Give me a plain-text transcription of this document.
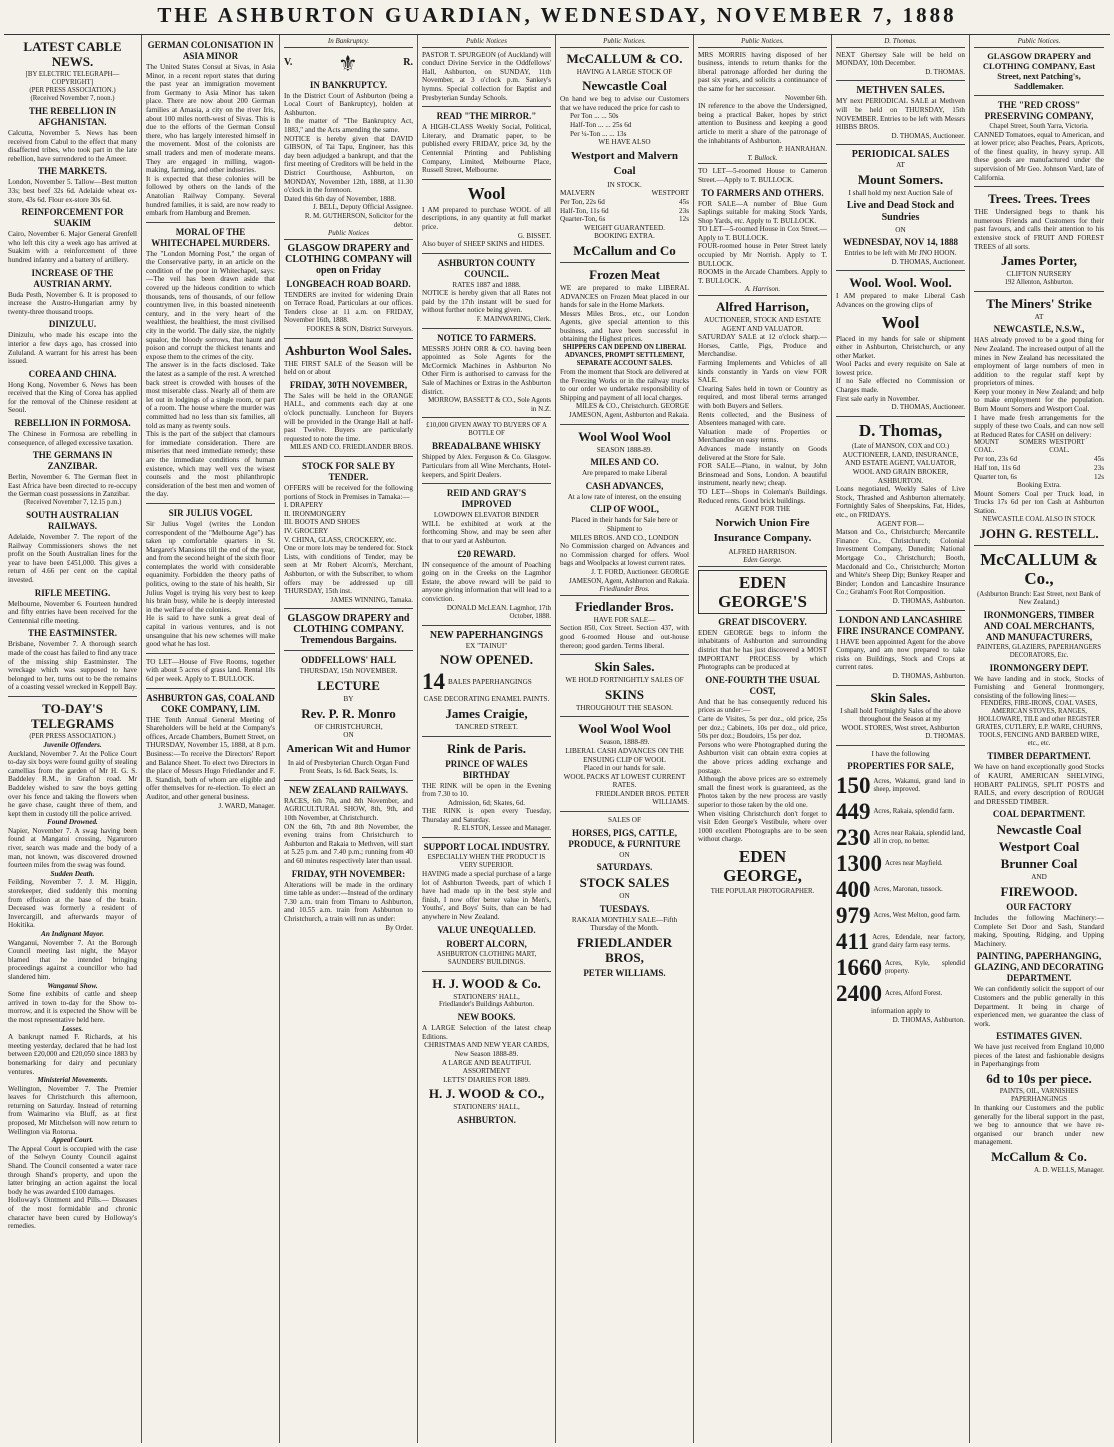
THE ASHBURTON GUARDIAN, WEDNESDAY, NOVEMBER 7, 1888
LATEST CABLE NEWS.
[BY ELECTRIC TELEGRAPH—COPYRIGHT]
(PER PRESS ASSOCIATION.)
(Received November 7, noon.)
THE REBELLION IN AFGHANISTAN.
Calcutta, November 5. News has been received from Cabul to the effect that many disaffected tribes, who took part in the late rebellion, have surrendered to the Ameer.
THE MARKETS.
London, November 5. Tallow—Best mutton 33s; best beef 32s 6d. Adelaide wheat ex-store, 43s 6d. Flour ex-store 30s 6d.
REINFORCEMENT FOR SUAKIM
Cairo, November 6. Major General Grenfell who left this city a week ago has arrived at Suakim with a reinforcement of three hundred infantry and a battery of artillery.
INCREASE OF THE AUSTRIAN ARMY.
Buda Pesth, November 6. It is proposed to increase the Austro-Hungarian army by twenty-three thousand troops.
DINIZULU.
Dinizulu, who made his escape into the interior a few days ago, has crossed into Zululand. A warrant for his arrest has been issued.
COREA AND CHINA.
Hong Kong, November 6. News has been received that the King of Corea has applied for the removal of the Chinese resident at Seoul.
REBELLION IN FORMOSA.
The Chinese in Formosa are rebelling in consequence, of alleged excessive taxation.
THE GERMANS IN ZANZIBAR.
Berlin, November 6. The German fleet in East Africa have been directed to re-occupy the German coast possessions in Zanzibar.
(Received November 7, 12.15 p.m.)
SOUTH AUSTRALIAN RAILWAYS.
Adelaide, November 7. The report of the Railway Commissioners shows the net profit on the South Australian lines for the year to have been £451,000. This gives a return of 4.66 per cent on the capital invested.
RIFLE MEETING.
Melbourne, November 6. Fourteen hundred and fifty entries have been received for the Centennial rifle meeting.
THE EASTMINSTER.
Brisbane, November 7. A thorough search made of the coast has failed to find any trace of the missing ship Eastminster. The wreckage which was supposed to have belonged to her, turns out to be the remains of a coasting vessel wrecked in Keppell Bay.
TO-DAY'S TELEGRAMS
(PER PRESS ASSOCIATION.)
Juvenile Offenders.
Auckland, November 7. At the Police Court to-day six boys were found guilty of stealing camellias from the garden of Mr H. G. S. Baddeley R.M., in Grafton road. Mr Baddeley wished to saw the boys getting over his fence and taking the flowers when he gave chase, caught three of them, and kept them in custody till the police arrived.
Found Drowned.
Napier, November 7. A swag having been found at Mangatoi crossing, Ngaruroro river, search was made and the body of a man, not known, was discovered drowned fourteen miles from the swag was found.
Sudden Death.
Feilding, November 7. J. M. Higgin, storekeeper, died suddenly this morning from effusion at the base of the brain. Deceased was formerly a resident of Invercargill, and afterwards mayor of Hokitika.
An Indignant Mayor.
Wanganui, November 7. At the Borough Council meeting last night, the Mayor blamed that he intended bringing proceedings against a councillor who had slandered him.
Wanganui Show.
Some fine exhibits of cattle and sheep arrived in town to-day for the Show to-morrow, and it is expected the Show will be the most representative held here.
Losses.
A bankrupt named F. Richards, at his meeting yesterday, declared that he had lost between £20,000 and £20,050 since 1883 by bonemarking for dairy and pecuniary ventures.
Ministerial Movements.
Wellington, November 7. The Premier leaves for Christchurch this afternoon, returning on Saturday. Instead of returning from Waimarino via Bluff, as at first proposed, Mr Mitchelson will now return to Wellington via Rotorua.
Appeal Court.
The Appeal Court is occupied with the case of the Selwyn County Council against Shand. The Council consented a water race through Shand's property, and upon the latter bringing an action against the local body he was awarded £100 damages.
Holloway's Ointment and Pills.— Diseases of the most formidable and chronic character have been cured by Holloway's remedies.
GERMAN COLONISATION IN ASIA MINOR
The United States Consul at Sivas, in Asia Minor, in a recent report states that during the past year an immigration movement from Germany to Asia Minor has taken place. There are now about 200 German families at Amasia, a city on the river Iris, about 100 miles north-west of Sivas. This is due to the efforts of the German Consul there, who has largely interested himself in the movement. Most of the colonists are small traders and men of moderate means. They are engaged in milling, wagon-making, farming, and other industries.
It is expected that these colonies will be followed by others on the lands of the Anatolian Railway Company. Several hundred families, it is said, are now ready to embark from Hamburg and Bremen.
MORAL OF THE WHITECHAPEL MURDERS.
The "London Morning Post," the organ of the Conservative party, in an article on the condition of the poor in Whitechapel, says:—The veil has been drawn aside that covered up the hideous condition to which thousands, tens of thousands, of our fellow countrymen live, in this boasted nineteenth century, and in the very heart of the wealthiest, the healthiest, the most civilised city in the world. The daily size, the nightly squalor, the bloody sorrows, that haunt and poison and corrupt the thickest tenants and expose them to the crimes of the city.
The answer is in the facts disclosed. Take the latest as a sample of the rest. A wretched back street is crowded with houses of the most miserable class. Nearly all of them are let out in lodgings of a single room, or part of a room. The house where the murder was committed had no less than six families, all told as many as twenty souls.
This is the part of the subject that clamours for immediate consideration. There are miseries that need immediate remedy; these are the immediate conditions of human existence, which may well vex the wisest counsels and the most philanthropic consideration of the best men and women of the day.
SIR JULIUS VOGEL
Sir Julius Vogel (writes the London correspondent of the "Melbourne Age") has taken up comfortable quarters in St. Margaret's Mansions till the end of the year, and from the second height of the sixth floor contemplates the world with considerable equanimity. Forbidden the theory paths of politics, owing to the state of his health, Sir Julius Vogel is trying his very best to keep his brain busy, while he is deeply interested in the welfare of the colonies.
He is said to have sunk a great deal of capital in various ventures, and is not unsanguine that his new schemes will make good what he has lost.
TO LET—House of Five Rooms, together with about 5 acres of grass land. Rental 10s 6d per week. Apply to T. BULLOCK.
ASHBURTON GAS, COAL AND COKE COMPANY, LIM.
THE Tenth Annual General Meeting of Shareholders will be held at the Company's offices, Arcade Chambers, Burnett Street, on THURSDAY, November 15, 1888, at 8 p.m. Business:—To receive the Directors' Report and Balance Sheet. To elect two Directors in the place of Messrs Hugo Friedlander and F. B. Standish, both of whom are eligible and offer themselves for re-election. To elect an Auditor, and other general business.
J. WARD, Manager.
In Bankruptcy.
V. ⚜	R.
IN BANKRUPTCY.
In the District Court of Ashburton (being a Local Court of Bankruptcy), holden at Ashburton.
In the matter of "The Bankruptcy Act, 1883," and the Acts amending the same.
NOTICE is hereby given that DAVID GIBSON, of Tai Tapu, Engineer, has this day been adjudged a bankrupt, and that the first meeting of Creditors will be held in the District Courthouse, Ashburton, on MONDAY, November 12th, 1888, at 11.30 o'clock in the forenoon.
Dated this 6th day of November, 1888.
J. BELL, Deputy Official Assignee.
R. M. GUTHERSON, Solicitor for the debtor.
Public Notices
GLASGOW DRAPERY and CLOTHING COMPANY will open on Friday
LONGBEACH ROAD BOARD.
TENDERS are invited for widening Drain on Terrace Road, Particulars at our offices. Tenders close at 11 a.m. on FRIDAY, November 16th, 1888.
FOOKES & SON, District Surveyors.
Ashburton Wool Sales.
THE FIRST SALE of the Season will be held on or about
FRIDAY, 30TH NOVEMBER,
The Sales will be held in the ORANGE HALL, and comments each day at one o'clock punctually. Luncheon for Buyers will be provided in the Orange Hall at half-past Twelve. Buyers are particularly requested to note the time.
MILES AND CO. FRIEDLANDER BROS.
STOCK FOR SALE BY TENDER.
OFFERS will be received for the following portions of Stock in Premises in Tamaka:—
I. DRAPERY
II. IRONMONGERY
III. BOOTS AND SHOES
IV. GROCERY
V. CHINA, GLASS, CROCKERY, etc.
One or more lots may be tendered for. Stock Lists, with conditions of Tender, may be seen at Mr Robert Alcorn's, Merchant, Ashburton, or with the Subscriber, to whom offers may be addressed up till THURSDAY, 15th inst.
JAMES WINNING, Tamaka.
GLASGOW DRAPERY and CLOTHING COMPANY. Tremendous Bargains.
ODDFELLOWS' HALL
THURSDAY, 15th NOVEMBER.
LECTURE
BY
Rev. P. R. Monro
OF CHRISTCHURCH,
ON
American Wit and Humor
In aid of Presbyterian Church Organ Fund
Front Seats, 1s 6d. Back Seats, 1s.
NEW ZEALAND RAILWAYS.
RACES, 6th 7th, and 8th November, and AGRICULTURAL SHOW, 8th, 9th, and 10th November, at Christchurch.
ON the 6th, 7th and 8th November, the evening trains from Christchurch to Ashburton and Rakaia to Methven, will start at 5.25 p.m. and 7.40 p.m.; running from 40 and 60 minutes respectively later than usual.
FRIDAY, 9TH NOVEMBER:
Alterations will be made in the ordinary time table as under:—Instead of the ordinary 7.30 a.m. train from Timaru to Ashburton, and 10.55 a.m. train from Ashburton to Christchurch, a train will run as under:
By Order.
Public Notices
PASTOR T. SPURGEON (of Auckland) will conduct Divine Service in the Oddfellows' Hall, Ashburton, on SUNDAY, 11th November, at 3 o'clock p.m. Sankey's hymns. Special collection for Baptist and Presbyterian Sunday Schools.
READ "THE MIRROR."
A HIGH-CLASS Weekly Social, Political, Literary, and Dramatic paper, to be published every FRIDAY, price 3d, by the Centennial Printing and Publishing Company, Limited, Melbourne Place, Russell Street, Melbourne.
Wool
I AM prepared to purchase WOOL of all descriptions, in any quantity at full market price.
G. BISSET.
Also buyer of SHEEP SKINS and HIDES.
ASHBURTON COUNTY COUNCIL.
RATES 1887 and 1888.
NOTICE is hereby given that all Rates not paid by the 17th instant will be sued for without further notice being given.
F. MAINWARING, Clerk.
NOTICE TO FARMERS.
MESSRS JOHN ORR & CO. having been appointed as Sole Agents for the McCormick Machines in Ashburton No Other Firm is authorised to canvass for the Sale of Machines or Extras in the Ashburton district.
MORROW, BASSETT & CO., Sole Agents in N.Z.
£10,000 GIVEN AWAY TO BUYERS OF A BOTTLE OF
BREADALBANE WHISKY
Shipped by Alex. Ferguson & Co. Glasgow. Particulars from all Wine Merchants, Hotel-keepers, and Spirit Dealers.
REID AND GRAY'S IMPROVED
LOWDOWN ELEVATOR BINDER
WILL be exhibited at work at the forthcoming Show, and may be seen after that to our yard at Ashburton.
£20 REWARD.
IN consequence of the amount of Poaching going on in the Creeks on the Lagmhor Estate, the above reward will be paid to anyone giving information that will lead to a conviction.
DONALD McLEAN. Lagmhor, 17th October, 1888.
NEW PAPERHANGINGS
EX "TAINUI"
NOW OPENED.
14 BALES PAPERHANGINGS
CASE DECORATING ENAMEL PAINTS.
James Craigie,
TANCRED STREET.
Rink de Paris.
PRINCE OF WALES BIRTHDAY
THE RINK will be open in the Evening from 7.30 to 10.
Admission, 6d; Skates, 6d.
THE RINK is open every Tuesday, Thursday and Saturday.
R. ELSTON, Lessee and Manager.
SUPPORT LOCAL INDUSTRY.
ESPECIALLY WHEN THE PRODUCT IS VERY SUPERIOR.
HAVING made a special purchase of a large lot of Ashburton Tweeds, part of which I have had made up in the best style and finish, I now offer better value in Men's, Youths', and Boys' Suits, than can be had anywhere in New Zealand.
VALUE UNEQUALLED.
ROBERT ALCORN,
ASHBURTON CLOTHING MART, SAUNDERS' BUILDINGS.
H. J. WOOD & Co.
STATIONERS' HALL,
Friedlander's Buildings Ashburton.
NEW BOOKS.
A LARGE Selection of the latest cheap Editions.
CHRISTMAS AND NEW YEAR CARDS, New Season 1888-89.
A LARGE AND BEAUTIFUL ASSORTMENT
LETTS' DIARIES FOR 1889.
H. J. WOOD & CO.,
STATIONERS' HALL,
ASHBURTON.
Public Notices.
McCALLUM & CO.
HAVING A LARGE STOCK OF
Newcastle Coal
On hand we beg to advise our Customers that we have reduced the price for cash to
Per Ton ... ... 50s
Half-Ton ... ... 25s 6d
Per ¼-Ton ... ... 13s
WE HAVE ALSO
Westport and Malvern Coal
IN STOCK.
MALVERN	WESTPORT
Per Ton, 22s 6d	45s
Half-Ton, 11s 6d	23s
Quarter-Ton, 6s	12s
WEIGHT GUARANTEED.
BOOKING EXTRA.
McCallum and Co
Frozen Meat
WE are prepared to make LIBERAL ADVANCES on Frozen Meat placed in our hands for sale in the Home Markets.
Messrs Miles Bros., etc., our London Agents, give special attention to this business, and have been successful in obtaining the Highest prices.
SHIPPERS CAN DEPEND ON LIBERAL ADVANCES, PROMPT SETTLEMENT, SEPARATE ACCOUNT SALES.
From the moment that Stock are delivered at the Freezing Works or in the railway trucks to our order we undertake responsibility of Shipping and payment of all local charges.
MILES & CO., Christchurch. GEORGE JAMESON, Agent, Ashburton and Rakaia.
Wool Wool Wool
SEASON 1888-89.
MILES AND CO.
Are prepared to make Liberal
CASH ADVANCES,
At a low rate of interest, on the ensuing
CLIP OF WOOL,
Placed in their hands for Sale here or Shipment to
MILES BROS. AND CO., LONDON
No Commission charged on Advances and no Commission charged for offers. Wool bags and Woolpacks at lowest current rates.
J. T. FORD, Auctioneer. GEORGE JAMESON, Agent, Ashburton and Rakaia.
Friedlander Bros.
Friedlander Bros.
HAVE FOR SALE—
Section 850, Cox Street. Section 437, with good 6-roomed House and out-house thereon; good garden. Terms liberal.
Skin Sales.
WE HOLD FORTNIGHTLY SALES OF
SKINS
THROUGHOUT THE SEASON.
Wool Wool Wool
Season, 1888-89.
LIBERAL CASH ADVANCES ON THE ENSUING CLIP OF WOOL
Placed in our hands for sale.
WOOL PACKS AT LOWEST CURRENT RATES.
FRIEDLANDER BROS. PETER WILLIAMS.
SALES OF
HORSES, PIGS, CATTLE, PRODUCE, & FURNITURE
ON
SATURDAYS.
STOCK SALES
ON
TUESDAYS.
RAKAIA MONTHLY SALE—Fifth Thursday of the Month.
FRIEDLANDER BROS,
PETER WILLIAMS.
Public Notices.
MRS MORRIS having disposed of her business, intends to return thanks for the liberal patronage afforded her during the past six years, and solicits a continuance of the same for her successor.
November 6th.
IN reference to the above the Undersigned, being a practical Baker, hopes by strict attention to Business and keeping a good article to merit a share of the patronage of the inhabitants of Ashburton.
P. HANRAHAN.
T. Bullock.
TO LET—5-roomed House to Cameron Street.—Apply to T. BULLOCK.
TO FARMERS AND OTHERS.
FOR SALE—A number of Blue Gum Saplings suitable for making Stock Yards, Shop Yards, etc. Apply to T. BULLOCK.
TO LET—5-roomed House in Cox Street.—Apply to T. BULLOCK.
FOUR-roomed house in Peter Street lately occupied by Mr Norrish. Apply to T. BULLOCK.
ROOMS in the Arcade Chambers. Apply to T. BULLOCK.
A. Harrison.
Alfred Harrison,
AUCTIONEER, STOCK AND ESTATE AGENT AND VALUATOR.
SATURDAY SALE at 12 o'clock sharp.—Horses, Cattle, Pigs, Produce and Merchandise.
Farming Implements and Vehicles of all kinds constantly in Yards on view FOR SALE.
Clearing Sales held in town or Country as required, and most liberal terms arranged with both Buyers and Sellers.
Rents collected, and the Business of Absentees managed with care.
Valuation made of Properties or Merchandise on easy terms.
Advances made instantly on Goods delivered at the Store for Sale.
FOR SALE—Piano, in walnut, by John Brinsmead and Sons, London. A beautiful instrument, nearly new; cheap.
TO LET—Shops in Coleman's Buildings. Reduced rents. Good brick buildings.
AGENT FOR THE
Norwich Union Fire Insurance Company.
ALFRED HARRISON.
Eden George.
EDEN GEORGE'S
GREAT DISCOVERY.
EDEN GEORGE begs to inform the inhabitants of Ashburton and surrounding district that he has just discovered a MOST IMPORTANT PROCESS by which Photographs can be produced at
ONE-FOURTH THE USUAL COST,
And that he has consequently reduced his prices as under:—
Carte de Visites, 5s per doz., old price, 25s per doz.; Cabinets, 10s per doz., old price, 50s per doz.; Boudoirs, 15s per doz.
Persons who were Photographed during the Ashburton visit can obtain extra copies at the above prices adding exchange and postage.
Although the above prices are so extremely small the finest work is guaranteed, as the Photos taken by the new process are vastly superior to those taken by the old one.
When visiting Christchurch don't forget to visit Eden George's Vestibule, where over 1000 excellent Photographs are to be seen without charge.
EDEN GEORGE,
THE POPULAR PHOTOGRAPHER.
D. Thomas.
NEXT Ghertsey Sale will be held on MONDAY, 10th December.
D. THOMAS.
METHVEN SALES.
MY next PERIODICAL SALE at Methven will be held on THURSDAY, 15th NOVEMBER. Entries to be left with Messrs HIBBS BROS.
D. THOMAS, Auctioneer.
PERIODICAL SALES
AT
Mount Somers.
I shall hold my next Auction Sale of
Live and Dead Stock and Sundries
ON
WEDNESDAY, NOV 14, 1888
Entries to be left with Mr JNO HOON.
D. THOMAS, Auctioneer.
Wool. Wool. Wool.
I AM prepared to make Liberal Cash Advances on the growing clips of
Wool
Placed in my hands for sale or shipment either in Ashburton, Christchurch, or any other Market.
Wool Packs and every requisite on Sale at lowest price.
If no Sale effected no Commission or Charges made.
First sale early in November.
D. THOMAS, Auctioneer.
D. Thomas,
(Late of MANSON, COX and CO.)
AUCTIONEER, LAND, INSURANCE, AND ESTATE AGENT, VALUATOR, WOOL AND GRAIN BROKER, ASHBURTON.
Loans negotiated, Weekly Sales of Live Stock, Thrashed and Ashburton alternately. Fortnightly Sales of Sheepskins, Fat, Hides, etc., on FRIDAYS.
AGENT FOR—
Matson and Co., Christchurch; Mercantile Finance Co., Christchurch; Colonial Investment Company, Dunedin; National Mortgage Co., Christchurch; Booth, Macdonald and Co., Christchurch; Morton and White's Sheep Dip; Bunkey Reaper and Binder; London and Lancashire Insurance Co.; Graham's Foot Rot Composition.
D. THOMAS, Ashburton.
LONDON AND LANCASHIRE FIRE INSURANCE COMPANY.
I HAVE been appointed Agent for the above Company, and am now prepared to take risks on Buildings, Stock and Crops at current rates.
D. THOMAS, Ashburton.
Skin Sales.
I shall hold Fortnightly Sales of the above throughout the Season at my
WOOL STORES, West street, Ashburton
D. THOMAS.
I have the following
PROPERTIES FOR SALE,
150 Acres, Wakanui, grand land in sheep, improved.
449 Acres, Rakaia, splendid farm.
230 Acres near Rakaia, splendid land, all in crop, no better.
1300 Acres near Mayfield.
400 Acres, Maronan, tussock.
979 Acres, West Melton, good farm.
411 Acres, Edendale, near factory, grand dairy farm easy terms.
1660 Acres, Kyle, splendid property.
2400 Acres, Alford Forest.
information apply to
D. THOMAS, Ashburton.
Public Notices.
GLASGOW DRAPERY and CLOTHING COMPANY, East Street, next Patching's, Saddlemaker.
THE "RED CROSS" PRESERVING COMPANY,
Chapel Street, South Yarra, Victoria.
CANNED Tomatoes, equal to American, and at lower price; also Peaches, Pears, Apricots, of the finest quality, in heavy syrup. All these goods are manufactured under the supervision of Mr Geo. Johnson Vard, late of California.
Trees. Trees. Trees
THE Undersigned begs to thank his numerous Friends and Customers for their past favours, and calls their attention to his extensive stock of FRUIT AND FOREST TREES of all sorts.
James Porter,
CLIFTON NURSERY
192 Allenton, Ashburton.
The Miners' Strike
AT
NEWCASTLE, N.S.W.,
HAS already proved to be a good thing for New Zealand. The increased output of all the mines in New Zealand has necessitated the employment of large numbers of men in addition to the regular staff kept by proprietors of mines.
Keep your money in New Zealand; and help to make employment for the population. Burn Mount Somers and Westport Coal.
I have made fresh arrangements for the supply of these two Coals, and can now sell at Reduced Rates for CASH on delivery:
MOUNT SOMERS COAL.
WESTPORT COAL.
Per ton, 23s 6d	45s
Half ton, 11s 6d	23s
Quarter ton, 6s	12s
Booking Extra.
Mount Somers Coal per Truck load, in Trucks 17s 6d per ton Cash at Ashburton Station.
NEWCASTLE COAL ALSO IN STOCK
JOHN G. RESTELL.
McCALLUM & Co.,
(Ashburton Branch: East Street, next Bank of New Zealand,)
IRONMONGERS, TIMBER AND COAL MERCHANTS, AND MANUFACTURERS,
PAINTERS, GLAZIERS, PAPERHANGERS DECORATORS, Etc.
IRONMONGERY DEPT.
We have landing and in stock, Stocks of Furnishing and General Ironmongery, consisting of the following lines:—
FENDERS, FIRE-IRONS, COAL VASES, AMERICAN STOVES, RANGES, HOLLOWARE, TILE and other REGISTER GRATES, CUTLERY, E.P. WARE, CHURNS, TOOLS, FENCING AND BARBED WIRE, etc., etc.
TIMBER DEPARTMENT.
We have on hand exceptionally good Stocks of KAURI, AMERICAN SHELVING, HOBART PALINGS, SPLIT POSTS and RAILS, and every description of ROUGH and DRESSED TIMBER.
COAL DEPARTMENT.
Newcastle Coal
Westport Coal
Brunner Coal
AND
FIREWOOD.
OUR FACTORY
Includes the following Machinery:— Complete Set Door and Sash, Standard making, Spouting, Ridging, and Upping Machinery.
PAINTING, PAPERHANGING, GLAZING, AND DECORATING DEPARTMENT.
We can confidently solicit the support of our Customers and the public generally in this Department. It being in charge of experienced men, we guarantee the class of work.
ESTIMATES GIVEN.
We have just received from England 10,000 pieces of the latest and fashionable designs in Paperhangings from
6d to 10s per piece.
PAINTS, OIL, VARNISHES PAPERHANGINGS
In thanking our Customers and the public generally for the liberal support in the past, we beg to announce that we have re-organised our branch under new management.
McCallum & Co.
A. D. WELLS, Manager.
